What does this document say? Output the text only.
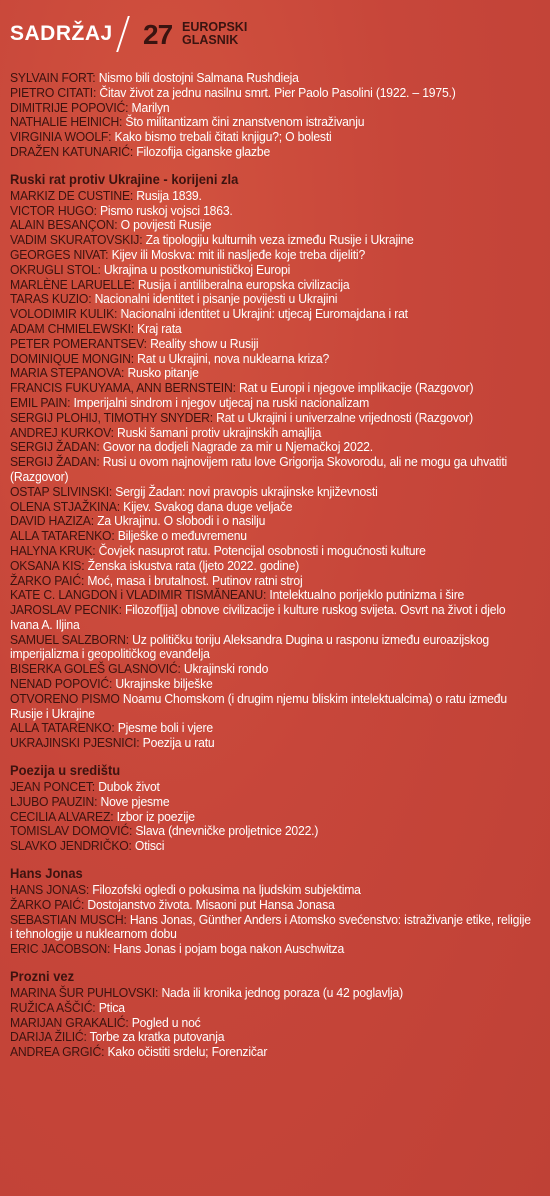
SADRŽAJ 27 EUROPSKI
GLASNIK
SYLVAIN FORT: Nismo bili dostojni Salmana Rushdieja
PIETRO CITATI: Čitav život za jednu nasilnu smrt. Pier Paolo Pasolini (1922. – 1975.)
DIMITRIJE POPOVIĆ: Marilyn
NATHALIE HEINICH: Što militantizam čini znanstvenom istraživanju
VIRGINIA WOOLF: Kako bismo trebali čitati knjigu?; O bolesti
DRAŽEN KATUNARIĆ: Filozofija ciganske glazbe
Ruski rat protiv Ukrajine - korijeni zla
MARKIZ DE CUSTINE: Rusija 1839.
VICTOR HUGO: Pismo ruskoj vojsci 1863.
ALAIN BESANÇON: O povijesti Rusije
VADIM SKURATOVSKIJ: Za tipologiju kulturnih veza između Rusije i Ukrajine
GEORGES NIVAT: Kijev ili Moskva: mit ili nasljeđe koje treba dijeliti?
OKRUGLI STOL: Ukrajina u postkomunističkoj Europi
MARLÈNE LARUELLE: Rusija i antiliberalna europska civilizacija
TARAS KUZIO: Nacionalni identitet i pisanje povijesti u Ukrajini
VOLODIMIR KULIK: Nacionalni identitet u Ukrajini: utjecaj Euromajdana i rat
ADAM CHMIELEWSKI: Kraj rata
PETER POMERANTSEV: Reality show u Rusiji
DOMINIQUE MONGIN: Rat u Ukrajini, nova nuklearna kriza?
MARIA STEPANOVA: Rusko pitanje
FRANCIS FUKUYAMA, ANN BERNSTEIN: Rat u Europi i njegove implikacije (Razgovor)
EMIL PAIN: Imperijalni sindrom i njegov utjecaj na ruski nacionalizam
SERGIJ PLOHIJ, TIMOTHY SNYDER: Rat u Ukrajini i univerzalne vrijednosti (Razgovor)
ANDREJ KURKOV: Ruski šamani protiv ukrajinskih amajlija
SERGIJ ŽADAN: Govor na dodjeli Nagrade za mir u Njemačkoj 2022.
SERGIJ ŽADAN: Rusi u ovom najnovijem ratu love Grigorija Skovorodu, ali ne mogu ga uhvatiti (Razgovor)
OSTAP SLIVINSKI: Sergij Žadan: novi pravopis ukrajinske književnosti
OLENA STJAŽKINA: Kijev. Svakog dana duge veljače
DAVID HAZIZA: Za Ukrajinu. O slobodi i o nasilju
ALLA TATARENKO: Bilješke o međuvremenu
HALYNA KRUK: Čovjek nasuprot ratu. Potencijal osobnosti i mogućnosti kulture
OKSANA KIS: Ženska iskustva rata (ljeto 2022. godine)
ŽARKO PAIĆ: Moć, masa i brutalnost. Putinov ratni stroj
KATE C. LANGDON i VLADIMIR TISMĂNEANU: Intelektualno porijeklo putinizma i šire
JAROSLAV PECNIK: Filozof[ija] obnove civilizacije i kulture ruskog svijeta. Osvrt na život i djelo Ivana A. Iljina
SAMUEL SALZBORN: Uz političku toriju Aleksandra Dugina u rasponu između euroazijskog imperijalizma i geopolitičkog evanđelja
BISERKA GOLEŠ GLASNOVIĆ: Ukrajinski rondo
NENAD POPOVIĆ: Ukrajinske bilješke
OTVORENO PISMO Noamu Chomskom (i drugim njemu bliskim intelektualcima) o ratu između Rusije i Ukrajine
ALLA TATARENKO: Pjesme boli i vjere
UKRAJINSKI PJESNICI: Poezija u ratu
Poezija u središtu
JEAN PONCET: Dubok život
LJUBO PAUZIN: Nove pjesme
CECILIA ALVAREZ: Izbor iz poezije
TOMISLAV DOMOVIĆ: Slava (dnevničke proljetnice 2022.)
SLAVKO JENDRIČKO: Otisci
Hans Jonas
HANS JONAS: Filozofski ogledi o pokusima na ljudskim subjektima
ŽARKO PAIĆ: Dostojanstvo života. Misaoni put Hansa Jonasa
SEBASTIAN MUSCH: Hans Jonas, Günther Anders i Atomsko svećenstvo: istraživanje etike, religije i tehnologije u nuklearnom dobu
ERIC JACOBSON: Hans Jonas i pojam boga nakon Auschwitza
Prozni vez
MARINA ŠUR PUHLOVSKI: Nada ili kronika jednog poraza (u 42 poglavlja)
RUŽICA AŠČIĆ: Ptica
MARIJAN GRAKALIĆ: Pogled u noć
DARIJA ŽILIĆ: Torbe za kratka putovanja
ANDREA GRGIĆ: Kako očistiti srdelu; Forenzičar
